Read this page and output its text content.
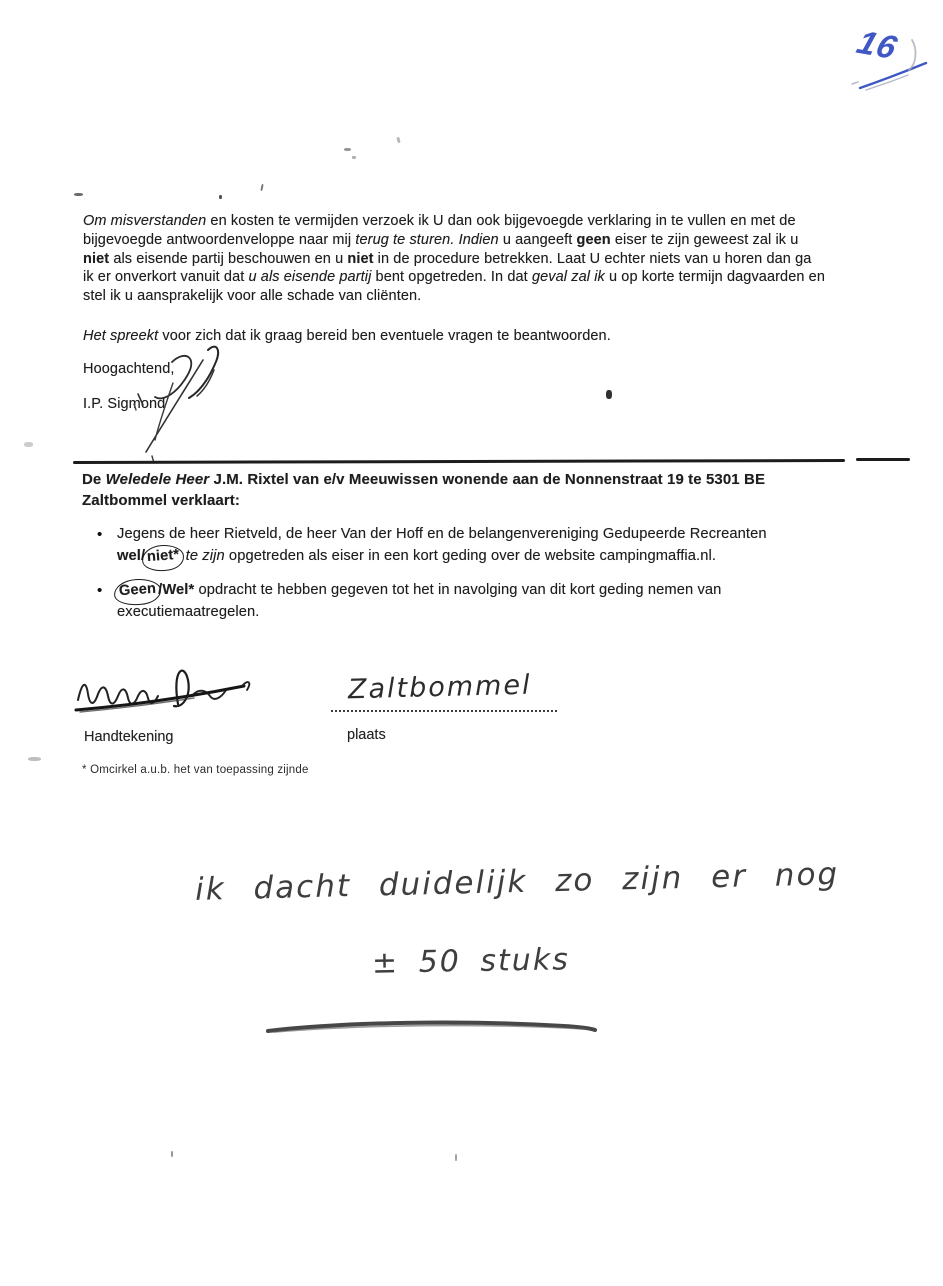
16
Om misverstanden en kosten te vermijden verzoek ik U dan ook bijgevoegde verklaring in te vullen en met de bijgevoegde antwoordenveloppe naar mij terug te sturen. Indien u aangeeft geen eiser te zijn geweest zal ik u niet als eisende partij beschouwen en u niet in de procedure betrekken. Laat U echter niets van u horen dan ga ik er onverkort vanuit dat u als eisende partij bent opgetreden. In dat geval zal ik u op korte termijn dagvaarden en stel ik u aansprakelijk voor alle schade van cliënten.
Het spreekt voor zich dat ik graag bereid ben eventuele vragen te beantwoorden.
Hoogachtend,
I.P. Sigmond
De Weledele Heer J.M. Rixtel van e/v Meeuwissen wonende aan de Nonnenstraat 19 te 5301 BE Zaltbommel verklaart:
• Jegens de heer Rietveld, de heer Van der Hoff en de belangenvereniging Gedupeerde Recreanten wel/niet* te zijn opgetreden als eiser in een kort geding over de website campingmaffia.nl.
• Geen /Wel* opdracht te hebben gegeven tot het in navolging van dit kort geding nemen van executiemaatregelen.
Zaltbommel
Handtekening	plaats
* Omcirkel a.u.b. het van toepassing zijnde
ik dacht duidelijk zo zijn er nog
± 50 stuks
